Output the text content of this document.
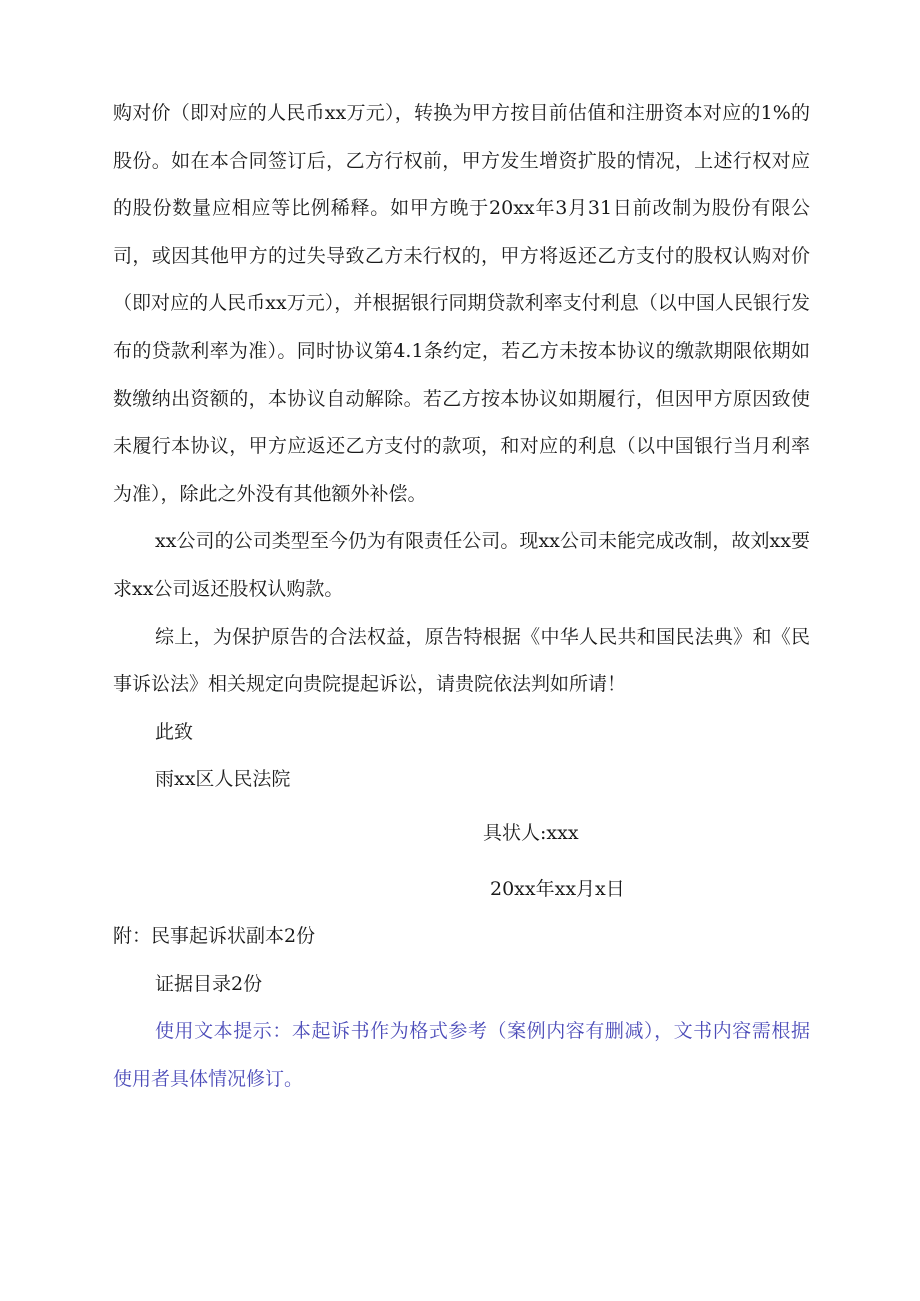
购对价（即对应的人民币xx万元），转换为甲方按目前估值和注册资本对应的1%的股份。如在本合同签订后，乙方行权前，甲方发生增资扩股的情况，上述行权对应的股份数量应相应等比例稀释。如甲方晚于20xx年3月31日前改制为股份有限公司，或因其他甲方的过失导致乙方未行权的，甲方将返还乙方支付的股权认购对价（即对应的人民币xx万元），并根据银行同期贷款利率支付利息（以中国人民银行发布的贷款利率为准）。同时协议第4.1条约定，若乙方未按本协议的缴款期限依期如数缴纳出资额的，本协议自动解除。若乙方按本协议如期履行，但因甲方原因致使未履行本协议，甲方应返还乙方支付的款项，和对应的利息（以中国银行当月利率为准），除此之外没有其他额外补偿。

xx公司的公司类型至今仍为有限责任公司。现xx公司未能完成改制，故刘xx要求xx公司返还股权认购款。

综上，为保护原告的合法权益，原告特根据《中华人民共和国民法典》和《民事诉讼法》相关规定向贵院提起诉讼，请贵院依法判如所请！

此致
雨xx区人民法院
具状人:xxx
20xx年xx月x日
附：民事起诉状副本2份
证据目录2份

使用文本提示：本起诉书作为格式参考（案例内容有删减），文书内容需根据使用者具体情况修订。
